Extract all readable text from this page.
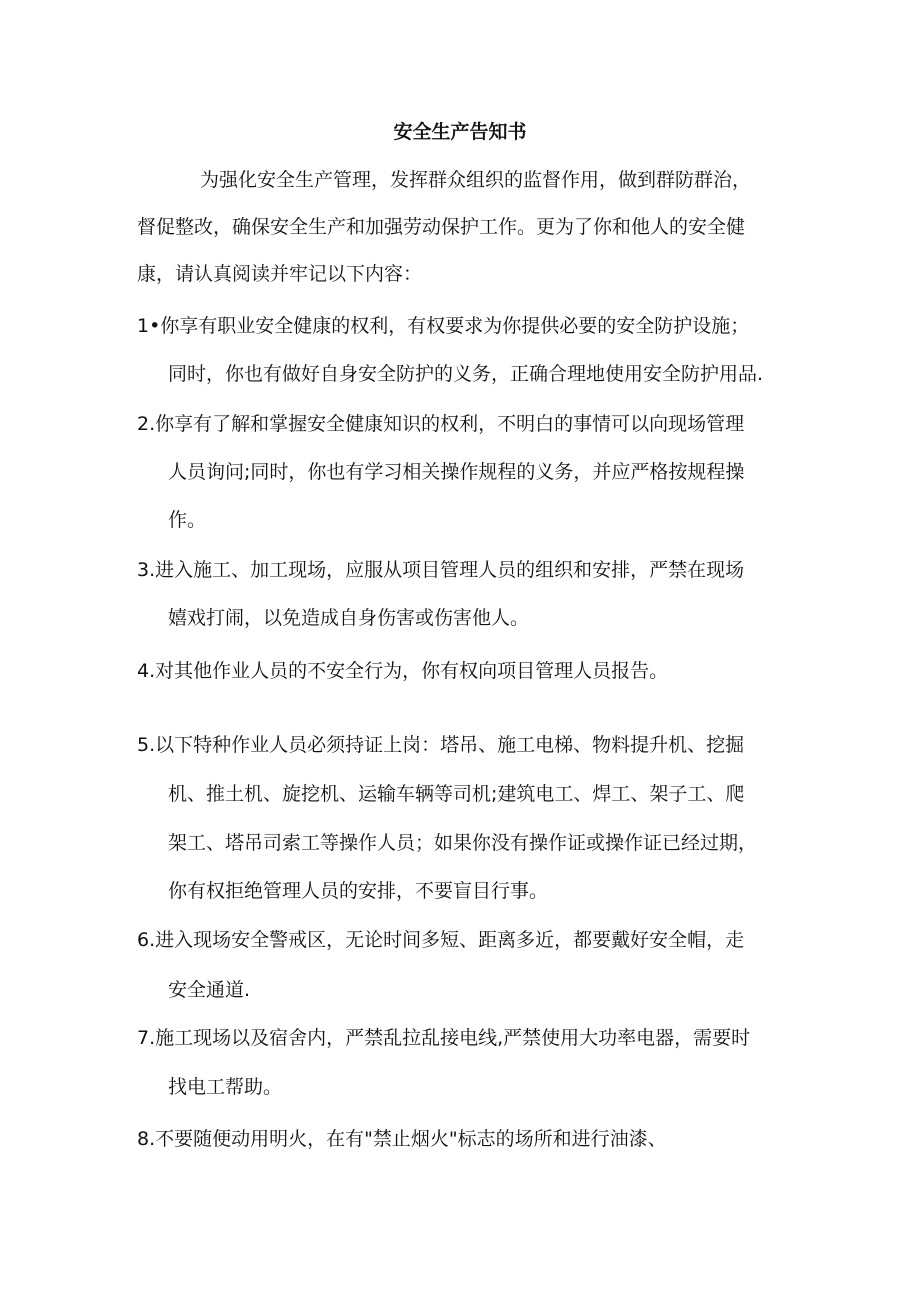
安全生产告知书
为强化安全生产管理，发挥群众组织的监督作用，做到群防群治，
督促整改，确保安全生产和加强劳动保护工作。更为了你和他人的安全健
康，请认真阅读并牢记以下内容：
1•你享有职业安全健康的权利，有权要求为你提供必要的安全防护设施；
同时，你也有做好自身安全防护的义务，正确合理地使用安全防护用品.
2.你享有了解和掌握安全健康知识的权利，不明白的事情可以向现场管理
人员询问;同时，你也有学习相关操作规程的义务，并应严格按规程操
作。
3.进入施工、加工现场，应服从项目管理人员的组织和安排，严禁在现场
嬉戏打闹，以免造成自身伤害或伤害他人。
4.对其他作业人员的不安全行为，你有权向项目管理人员报告。
5.以下特种作业人员必须持证上岗：塔吊、施工电梯、物料提升机、挖掘
机、推土机、旋挖机、运输车辆等司机;建筑电工、焊工、架子工、爬
架工、塔吊司索工等操作人员；如果你没有操作证或操作证已经过期，
你有权拒绝管理人员的安排，不要盲目行事。
6.进入现场安全警戒区，无论时间多短、距离多近，都要戴好安全帽，走
安全通道.
7.施工现场以及宿舍内，严禁乱拉乱接电线,严禁使用大功率电器，需要时
找电工帮助。
8.不要随便动用明火，在有"禁止烟火"标志的场所和进行油漆、
